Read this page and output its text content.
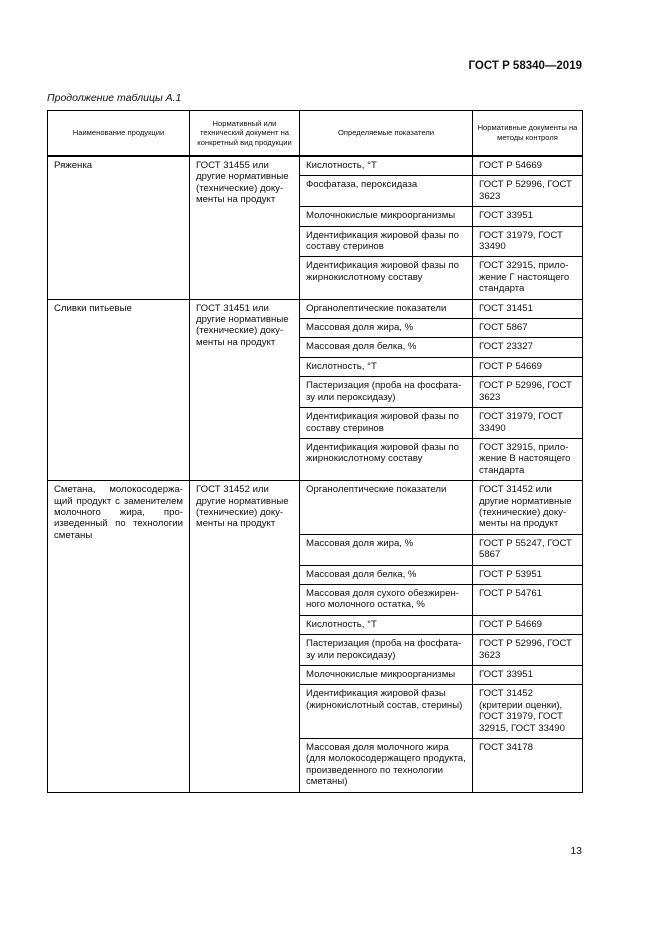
ГОСТ Р 58340—2019
Продолжение таблицы А.1
Наименование продукции	Нормативный или технический документ на конкретный вид продукции	Определяемые показатели	Нормативные документы на методы контроля
Ряженка	ГОСТ 31455 или другие нормативные (технические) документы на продукт	Кислотность, °Т	ГОСТ Р 54669
		Фосфатаза, пероксидаза	ГОСТ Р 52996, ГОСТ 3623
		Молочнокислые микроорганизмы	ГОСТ 33951
		Идентификация жировой фазы по составу стеринов	ГОСТ 31979, ГОСТ 33490
		Идентификация жировой фазы по жирнокислотному составу	ГОСТ 32915, приложение Г настоящего стандарта
Сливки питьевые	ГОСТ 31451 или другие нормативные (технические) документы на продукт	Органолептические показатели	ГОСТ 31451
		Массовая доля жира, %	ГОСТ 5867
		Массовая доля белка, %	ГОСТ 23327
		Кислотность, °Т	ГОСТ Р 54669
		Пастеризация (проба на фосфатазу или пероксидазу)	ГОСТ Р 52996, ГОСТ 3623
		Идентификация жировой фазы по составу стеринов	ГОСТ 31979, ГОСТ 33490
		Идентификация жировой фазы по жирнокислотному составу	ГОСТ 32915, приложение В настоящего стандарта
Сметана, молокосодержащий продукт с заменителем молочного жира, произведенный по технологии сметаны	ГОСТ 31452 или другие нормативные (технические) документы на продукт	Органолептические показатели	ГОСТ 31452 или другие нормативные (технические) документы на продукт
		Массовая доля жира, %	ГОСТ Р 55247, ГОСТ 5867
		Массовая доля белка, %	ГОСТ Р 53951
		Массовая доля сухого обезжиренного молочного остатка, %	ГОСТ Р 54761
		Кислотность, °Т	ГОСТ Р 54669
		Пастеризация (проба на фосфатазу или пероксидазу)	ГОСТ Р 52996, ГОСТ 3623
		Молочнокислые микроорганизмы	ГОСТ 33951
		Идентификация жировой фазы (жирнокислотный состав, стерины)	ГОСТ 31452 (критерии оценки), ГОСТ 31979, ГОСТ 32915, ГОСТ 33490
		Массовая доля молочного жира (для молокосодержащего продукта, произведенного по технологии сметаны)	ГОСТ 34178
13
